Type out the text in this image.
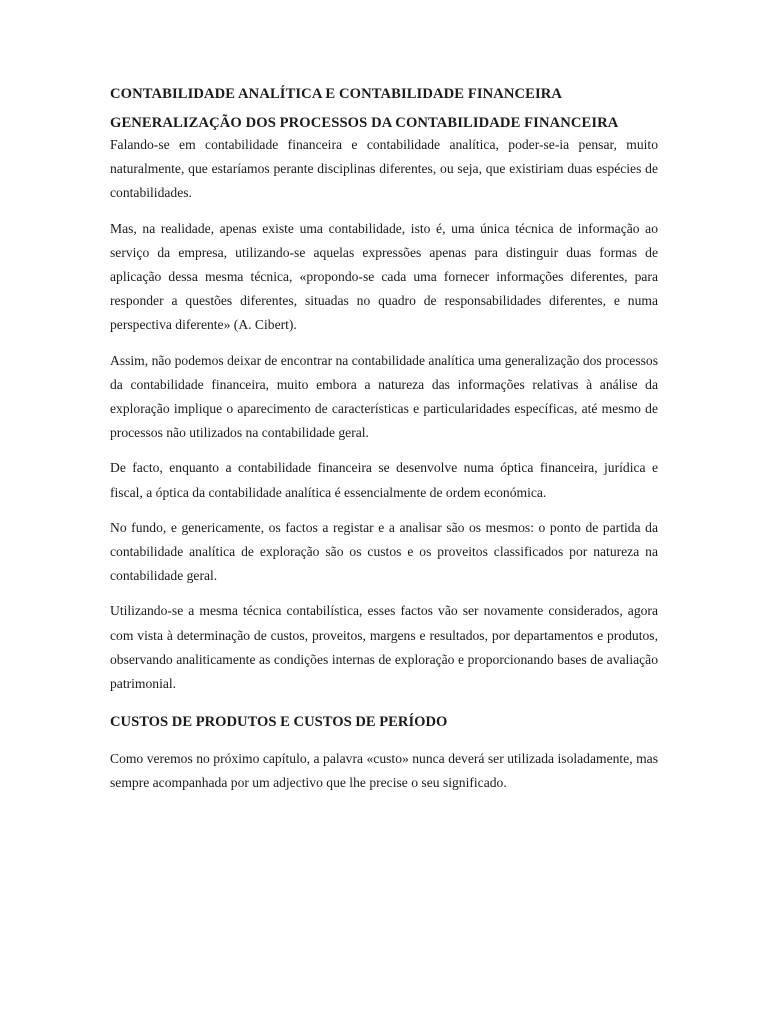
CONTABILIDADE ANALÍTICA E CONTABILIDADE FINANCEIRA
GENERALIZAÇÃO DOS PROCESSOS DA CONTABILIDADE FINANCEIRA

Falando-se em contabilidade financeira e contabilidade analítica, poder-se-ia pensar, muito naturalmente, que estaríamos perante disciplinas diferentes, ou seja, que existiriam duas espécies de contabilidades.

Mas, na realidade, apenas existe uma contabilidade, isto é, uma única técnica de informação ao serviço da empresa, utilizando-se aquelas expressões apenas para distinguir duas formas de aplicação dessa mesma técnica, «propondo-se cada uma fornecer informações diferentes, para responder a questões diferentes, situadas no quadro de responsabilidades diferentes, e numa perspectiva diferente» (A. Cibert).

Assim, não podemos deixar de encontrar na contabilidade analítica uma generalização dos processos da contabilidade financeira, muito embora a natureza das informações relativas à análise da exploração implique o aparecimento de características e particularidades específicas, até mesmo de processos não utilizados na contabilidade geral.

De facto, enquanto a contabilidade financeira se desenvolve numa óptica financeira, jurídica e fiscal, a óptica da contabilidade analítica é essencialmente de ordem económica.

No fundo, e genericamente, os factos a registar e a analisar são os mesmos: o ponto de partida da contabilidade analítica de exploração são os custos e os proveitos classificados por natureza na contabilidade geral.

Utilizando-se a mesma técnica contabilística, esses factos vão ser novamente considerados, agora com vista à determinação de custos, proveitos, margens e resultados, por departamentos e produtos, observando analiticamente as condições internas de exploração e proporcionando bases de avaliação patrimonial.

CUSTOS DE PRODUTOS E CUSTOS DE PERÍODO

Como veremos no próximo capítulo, a palavra «custo» nunca deverá ser utilizada isoladamente, mas sempre acompanhada por um adjectivo que lhe precise o seu significado.
